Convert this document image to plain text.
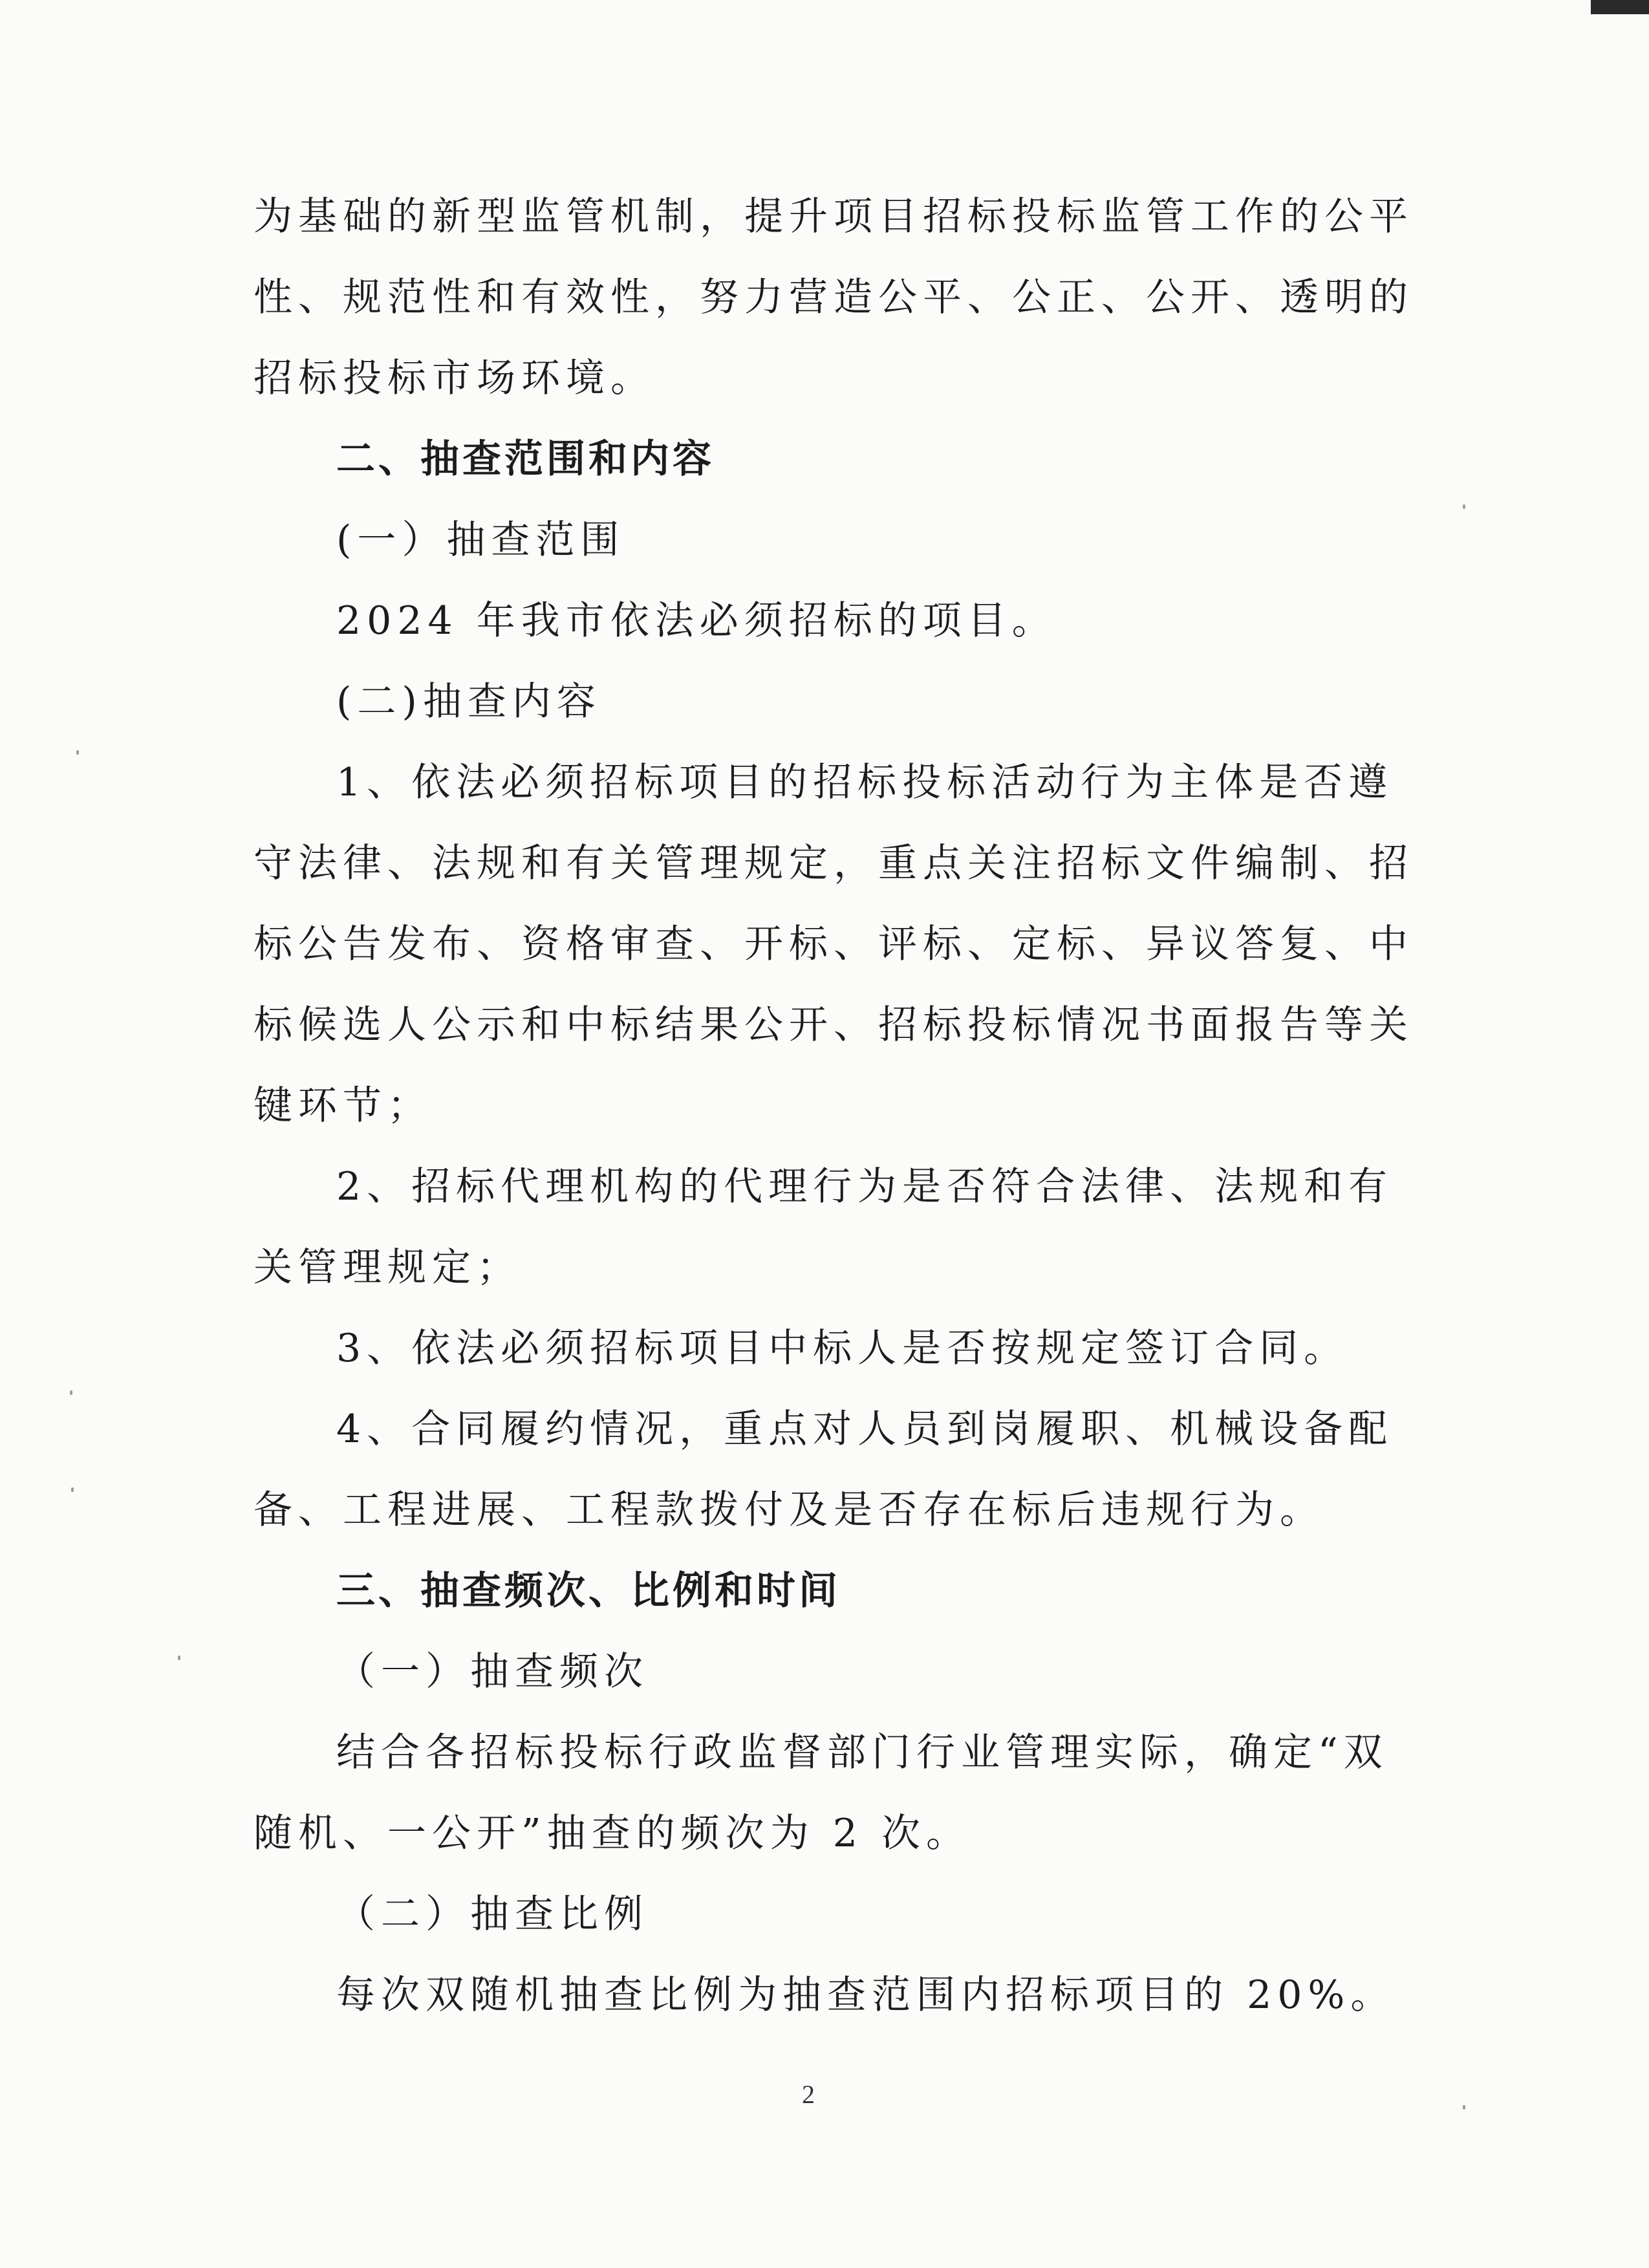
为基础的新型监管机制，提升项目招标投标监管工作的公平
性、规范性和有效性，努力营造公平、公正、公开、透明的
招标投标市场环境。
二、抽查范围和内容
(一）抽查范围
2024 年我市依法必须招标的项目。
(二)抽查内容
1、依法必须招标项目的招标投标活动行为主体是否遵
守法律、法规和有关管理规定，重点关注招标文件编制、招
标公告发布、资格审查、开标、评标、定标、异议答复、中
标候选人公示和中标结果公开、招标投标情况书面报告等关
键环节；
2、招标代理机构的代理行为是否符合法律、法规和有
关管理规定；
3、依法必须招标项目中标人是否按规定签订合同。
4、合同履约情况，重点对人员到岗履职、机械设备配
备、工程进展、工程款拨付及是否存在标后违规行为。
三、抽查频次、比例和时间
（一）抽查频次
结合各招标投标行政监督部门行业管理实际，确定“双
随机、一公开”抽查的频次为 2 次。
（二）抽查比例
每次双随机抽查比例为抽查范围内招标项目的 20%。
2
